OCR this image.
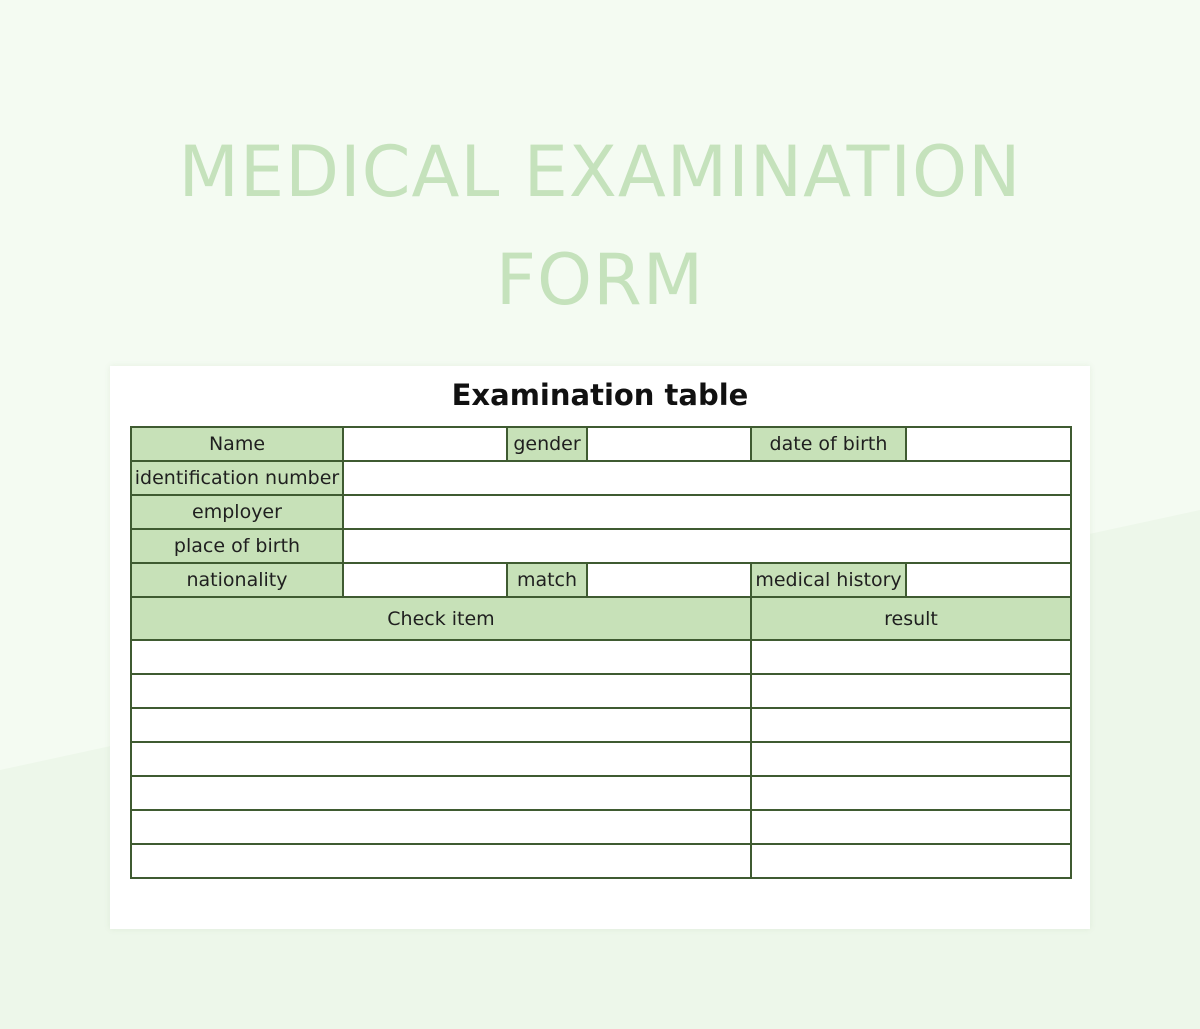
MEDICAL EXAMINATION
FORM
Examination table
Name		gender		date of birth	
identification number					
employer					
place of birth					
nationality		match		medical history	
Check item				result	
